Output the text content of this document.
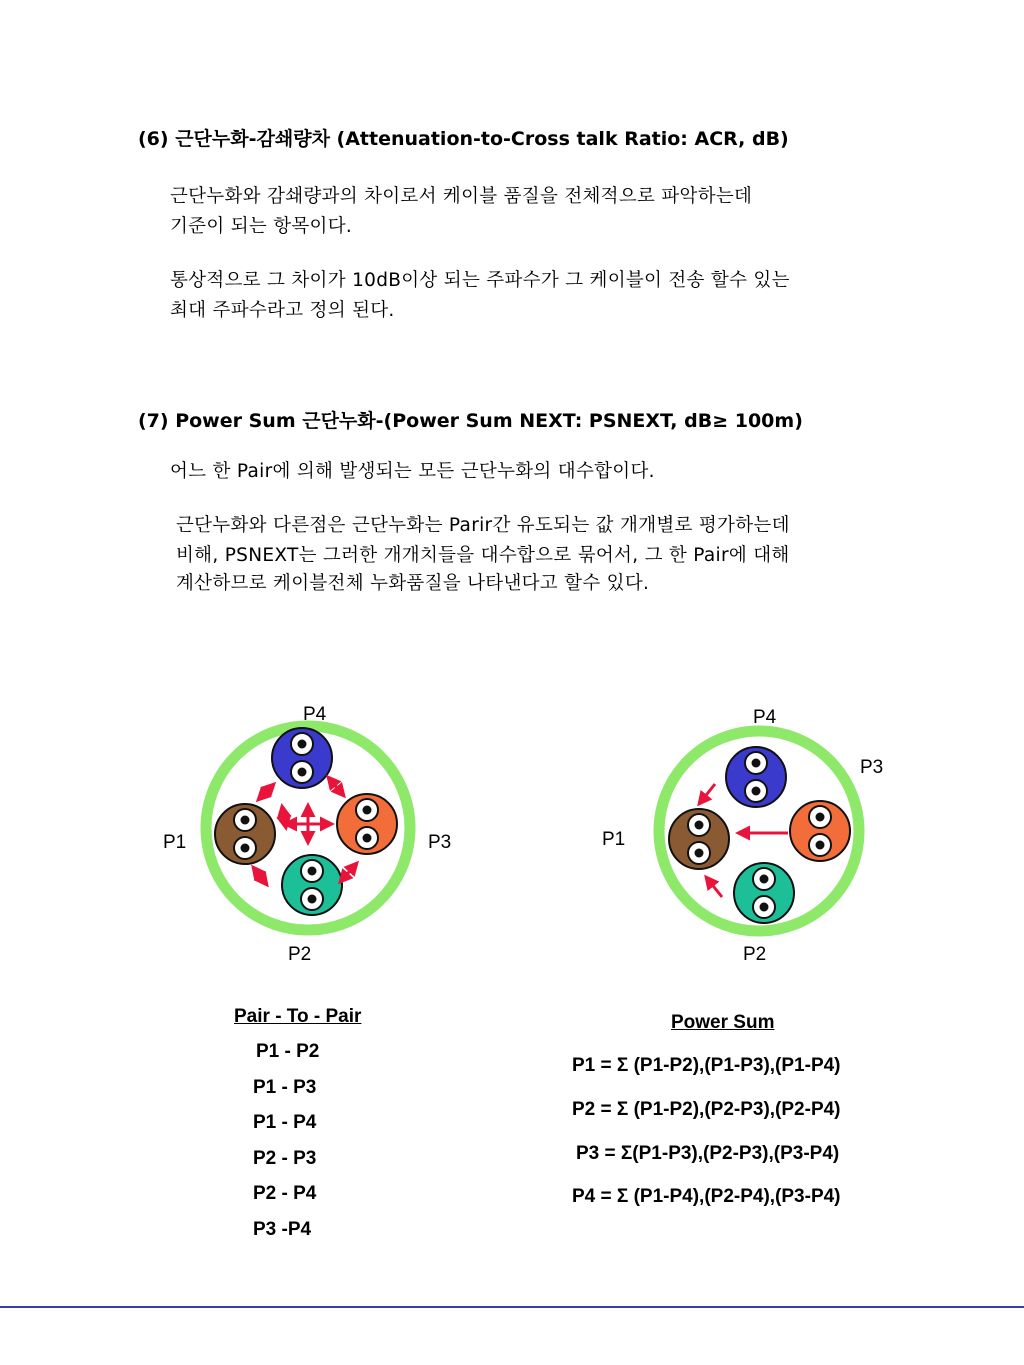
(6) 근단누화-감쇄량차 (Attenuation-to-Cross talk Ratio: ACR, dB)
근단누화와 감쇄량과의 차이로서 케이블 품질을 전체적으로 파악하는데
기준이 되는 항목이다.
통상적으로 그 차이가 10dB이상 되는 주파수가 그 케이블이 전송 할수 있는
최대 주파수라고 정의 된다.
(7) Power Sum 근단누화-(Power Sum NEXT: PSNEXT, dB≥ 100m)
어느 한 Pair에 의해 발생되는 모든 근단누화의 대수합이다.
근단누화와 다른점은 근단누화는 Parir간 유도되는 값 개개별로 평가하는데
비해, PSNEXT는 그러한 개개치들을 대수합으로 묶어서, 그 한 Pair에 대해
계산하므로 케이블전체 누화품질을 나타낸다고 할수 있다.
P4
P1	P3
P2
P4
P3
P1
P2
Pair - To - Pair
P1 - P2
P1 - P3
P1 - P4
P2 - P3
P2 - P4
P3 -P4
Power Sum
P1 = Σ (P1-P2),(P1-P3),(P1-P4)
P2 = Σ (P1-P2),(P2-P3),(P2-P4)
P3 = Σ(P1-P3),(P2-P3),(P3-P4)
P4 = Σ (P1-P4),(P2-P4),(P3-P4)
